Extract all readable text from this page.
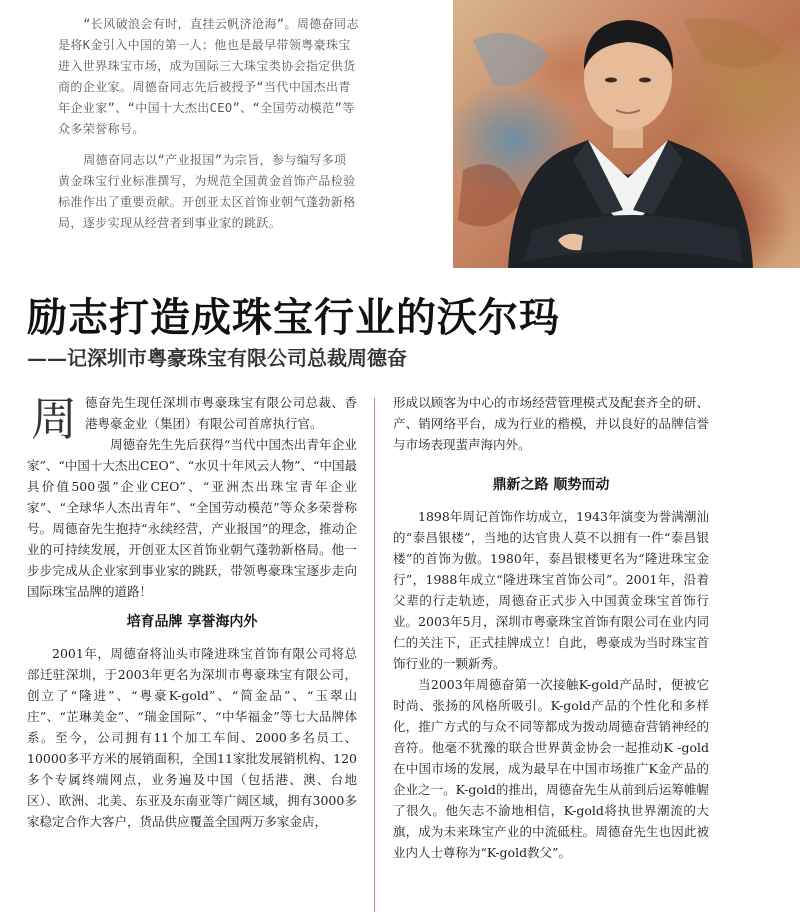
“长风破浪会有时，直挂云帆济沧海”。周德奋同志
是将K金引入中国的第一人；他也是最早带领粤豪珠宝
进入世界珠宝市场，成为国际三大珠宝类协会指定供货
商的企业家。周德奋同志先后被授予“当代中国杰出青
年企业家”、“中国十大杰出CEO”、“全国劳动模范”等
众多荣誉称号。

周德奋同志以“产业报国”为宗旨，参与编写多项
黄金珠宝行业标准撰写，为规范全国黄金首饰产品检验
标准作出了重要贡献。开创亚太区首饰业朝气蓬勃新格
局，逐步实现从经营者到事业家的跳跃。

励志打造成珠宝行业的沃尔玛
——记深圳市粤豪珠宝有限公司总裁周德奋

周德奋先生现任深圳市粤豪珠宝有限公司总裁、香港粤豪金业（集团）有限公司首席执行官。

周德奋先生先后获得“当代中国杰出青年企业家”、“中国十大杰出CEO”、“水贝十年风云人物”、“中国最具价值500强”企业CEO”、“亚洲杰出珠宝青年企业家”、“全球华人杰出青年”、“全国劳动模范”等众多荣誉称号。周德奋先生抱持“永续经营，产业报国”的理念，推动企业的可持续发展，开创亚太区首饰业朝气蓬勃新格局。他一步步完成从企业家到事业家的跳跃，带领粤豪珠宝逐步走向国际珠宝品牌的道路！

培育品牌 享誉海内外

2001年，周德奋将汕头市隆进珠宝首饰有限公司将总部迁驻深圳，于2003年更名为深圳市粤豪珠宝有限公司，创立了“隆进”、“粤豪K-gold”、“简金品”、“玉翠山庄”、“芷琳美金”、“瑞金国际”、“中华福金”等七大品牌体系。至今，公司拥有11个加工车间、2000多名员工、10000多平方米的展销面积，全国11家批发展销机构、120多个专属终端网点，业务遍及中国（包括港、澳、台地区）、欧洲、北美、东亚及东南亚等广阔区域，拥有3000多家稳定合作大客户，货品供应覆盖全国两万多家金店，

形成以顾客为中心的市场经营管理模式及配套齐全的研、产、销网络平台，成为行业的楷模，并以良好的品牌信誉与市场表现蜚声海内外。

鼎新之路 顺势而动

1898年周记首饰作坊成立，1943年演变为誉满潮汕的“泰昌银楼”，当地的达官贵人莫不以拥有一件“泰昌银楼”的首饰为傲。1980年，泰昌银楼更名为“隆进珠宝金行”，1988年成立“隆进珠宝首饰公司”。2001年，沿着父辈的行走轨迹，周德奋正式步入中国黄金珠宝首饰行业。2003年5月，深圳市粤豪珠宝首饰有限公司在业内同仁的关注下，正式挂牌成立！自此，粤豪成为当时珠宝首饰行业的一颗新秀。

当2003年周德奋第一次接触K-gold产品时，便被它时尚、张扬的风格所吸引。K-gold产品的个性化和多样化，推广方式的与众不同等都成为拨动周德奋营销神经的音符。他毫不犹豫的联合世界黄金协会一起推动K -gold在中国市场的发展，成为最早在中国市场推广K金产品的企业之一。K-gold的推出，周德奋先生从前到后运筹帷幄了很久。他矢志不渝地相信，K-gold将执世界潮流的大旗，成为未来珠宝产业的中流砥柱。周德奋先生也因此被业内人士尊称为“K-gold教父”。
